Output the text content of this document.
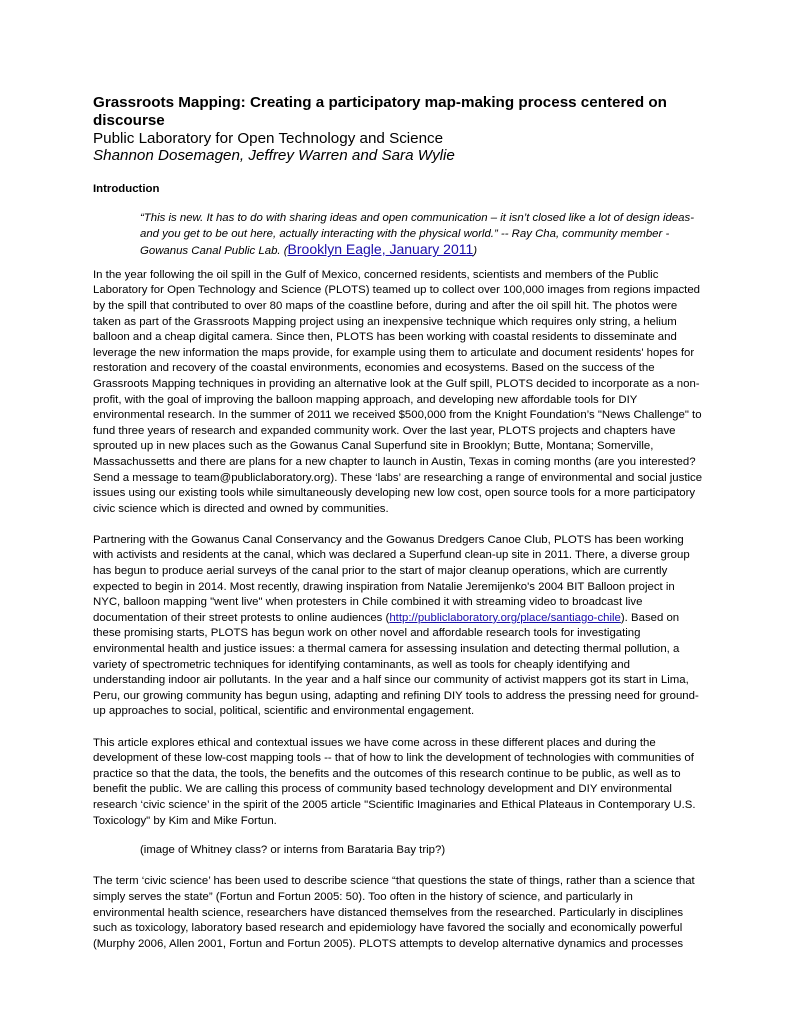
Grassroots Mapping: Creating a participatory map-making process centered on discourse
Public Laboratory for Open Technology and Science
Shannon Dosemagen, Jeffrey Warren and Sara Wylie
Introduction
“This is new. It has to do with sharing ideas and open communication – it isn’t closed like a lot of design ideas- and you get to be out here, actually interacting with the physical world.” -- Ray Cha, community member - Gowanus Canal Public Lab. (Brooklyn Eagle, January 2011)

In the year following the oil spill in the Gulf of Mexico, concerned residents, scientists and members of the Public Laboratory for Open Technology and Science (PLOTS) teamed up to collect over 100,000 images from regions impacted by the spill that contributed to over 80 maps of the coastline before, during and after the oil spill hit. The photos were taken as part of the Grassroots Mapping project using an inexpensive technique which requires only string, a helium balloon and a cheap digital camera. Since then, PLOTS has been working with coastal residents to disseminate and leverage the new information the maps provide, for example using them to articulate and document residents' hopes for restoration and recovery of the coastal environments, economies and ecosystems. Based on the success of the Grassroots Mapping techniques in providing an alternative look at the Gulf spill, PLOTS decided to incorporate as a non-profit, with the goal of improving the balloon mapping approach, and developing new affordable tools for DIY environmental research. In the summer of 2011 we received $500,000 from the Knight Foundation’s "News Challenge" to fund three years of research and expanded community work. Over the last year, PLOTS projects and chapters have sprouted up in new places such as the Gowanus Canal Superfund site in Brooklyn; Butte, Montana; Somerville, Massachussetts and there are plans for a new chapter to launch in Austin, Texas in coming months (are you interested? Send a message to team@publiclaboratory.org). These ‘labs’ are researching a range of environmental and social justice issues using our existing tools while simultaneously developing new low cost, open source tools for a more participatory civic science which is directed and owned by communities.

Partnering with the Gowanus Canal Conservancy and the Gowanus Dredgers Canoe Club, PLOTS has been working with activists and residents at the canal, which was declared a Superfund clean-up site in 2011. There, a diverse group has begun to produce aerial surveys of the canal prior to the start of major cleanup operations, which are currently expected to begin in 2014. Most recently, drawing inspiration from Natalie Jeremijenko's 2004 BIT Balloon project in NYC, balloon mapping "went live" when protesters in Chile combined it with streaming video to broadcast live documentation of their street protests to online audiences (http://publiclaboratory.org/place/santiago-chile). Based on these promising starts, PLOTS has begun work on other novel and affordable research tools for investigating environmental health and justice issues: a thermal camera for assessing insulation and detecting thermal pollution, a variety of spectrometric techniques for identifying contaminants, as well as tools for cheaply identifying and understanding indoor air pollutants. In the year and a half since our community of activist mappers got its start in Lima, Peru, our growing community has begun using, adapting and refining DIY tools to address the pressing need for ground-up approaches to social, political, scientific and environmental engagement.

This article explores ethical and contextual issues we have come across in these different places and during the development of these low-cost mapping tools -- that of how to link the development of technologies with communities of practice so that the data, the tools, the benefits and the outcomes of this research continue to be public, as well as to benefit the public. We are calling this process of community based technology development and DIY environmental research ‘civic science’ in the spirit of the 2005 article "Scientific Imaginaries and Ethical Plateaus in Contemporary U.S. Toxicology" by Kim and Mike Fortun.

(image of Whitney class? or interns from Barataria Bay trip?)

The term ‘civic science’ has been used to describe science “that questions the state of things, rather than a science that simply serves the state” (Fortun and Fortun 2005: 50). Too often in the history of science, and particularly in environmental health science, researchers have distanced themselves from the researched. Particularly in disciplines such as toxicology, laboratory based research and epidemiology have favored the socially and economically powerful (Murphy 2006, Allen 2001, Fortun and Fortun 2005). PLOTS attempts to develop alternative dynamics and processes
